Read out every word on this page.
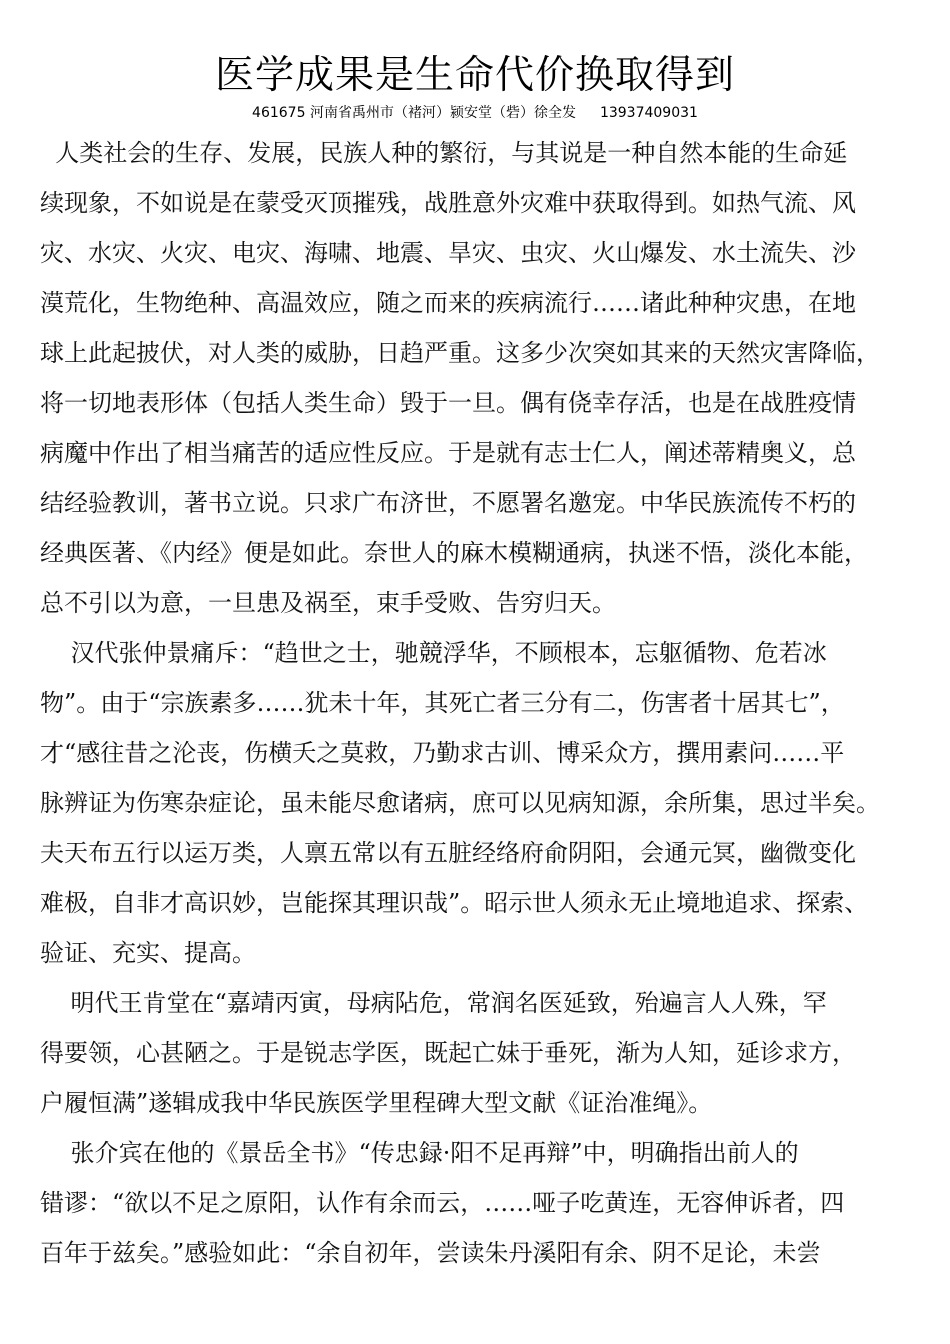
医学成果是生命代价换取得到
461675 河南省禹州市（褚河）颍安堂（砦）徐全发 13937409031
人类社会的生存、发展，民族人种的繁衍，与其说是一种自然本能的生命延
续现象，不如说是在蒙受灭顶摧残，战胜意外灾难中获取得到。如热气流、风
灾、水灾、火灾、电灾、海啸、地震、旱灾、虫灾、火山爆发、水土流失、沙
漠荒化，生物绝种、高温效应，随之而来的疾病流行……诸此种种灾患，在地
球上此起披伏，对人类的威胁，日趋严重。这多少次突如其来的天然灾害降临，
将一切地表形体（包括人类生命）毁于一旦。偶有侥幸存活，也是在战胜疫情
病魔中作出了相当痛苦的适应性反应。于是就有志士仁人，阐述蒂精奥义，总
结经验教训，著书立说。只求广布济世，不愿署名邀宠。中华民族流传不朽的
经典医著、《内经》便是如此。奈世人的麻木模糊通病，执迷不悟，淡化本能，
总不引以为意，一旦患及祸至，束手受败、告穷归天。
汉代张仲景痛斥：“趋世之士，驰競浮华，不顾根本，忘躯循物、危若冰
物”。由于“宗族素多……犹未十年，其死亡者三分有二，伤害者十居其七”，
才“感往昔之沦丧，伤横夭之莫救，乃勤求古训、博采众方，撰用素问……平
脉辨证为伤寒杂症论，虽未能尽愈诸病，庶可以见病知源，余所集，思过半矣。
夫天布五行以运万类，人禀五常以有五脏经络府俞阴阳，会通元冥，幽微变化
难极，自非才高识妙，岂能探其理识哉”。昭示世人须永无止境地追求、探索、
验证、充实、提高。
明代王肯堂在“嘉靖丙寅，母病阽危，常润名医延致，殆遍言人人殊，罕
得要领，心甚陋之。于是锐志学医，既起亡妹于垂死，渐为人知，延诊求方，
户履恒满”遂辑成我中华民族医学里程碑大型文献《证治准绳》。
张介宾在他的《景岳全书》“传忠録·阳不足再辩”中，明确指出前人的
错谬：“欲以不足之原阳，认作有余而云，……哑子吃黄连，无容伸诉者，四
百年于兹矣。”感验如此：“余自初年，尝读朱丹溪阳有余、阴不足论，未尝
